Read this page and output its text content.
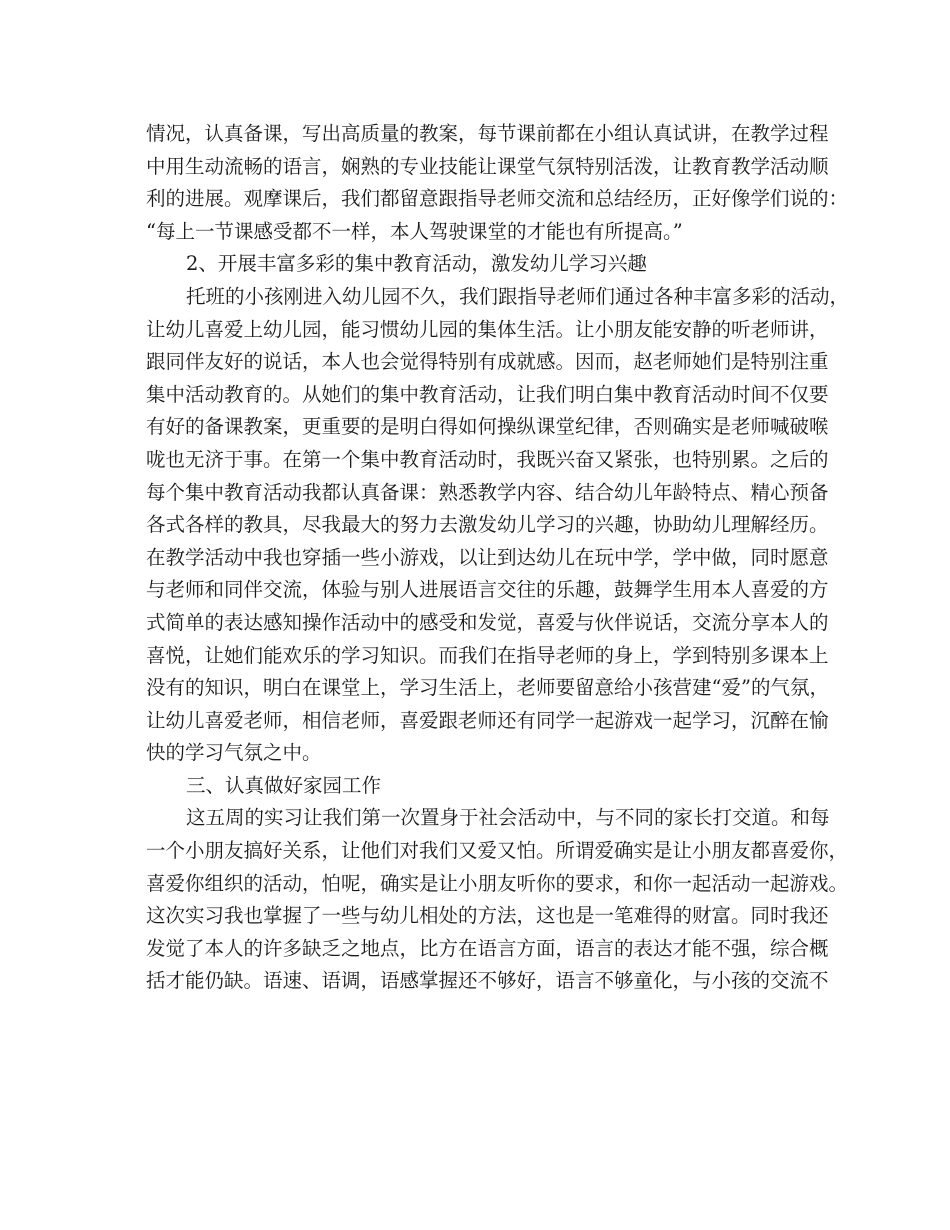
情况，认真备课，写出高质量的教案，每节课前都在小组认真试讲，在教学过程
中用生动流畅的语言，娴熟的专业技能让课堂气氛特别活泼，让教育教学活动顺
利的进展。观摩课后，我们都留意跟指导老师交流和总结经历，正好像学们说的：
“每上一节课感受都不一样，本人驾驶课堂的才能也有所提高。”
2、开展丰富多彩的集中教育活动，激发幼儿学习兴趣
托班的小孩刚进入幼儿园不久，我们跟指导老师们通过各种丰富多彩的活动，
让幼儿喜爱上幼儿园，能习惯幼儿园的集体生活。让小朋友能安静的听老师讲，
跟同伴友好的说话，本人也会觉得特别有成就感。因而，赵老师她们是特别注重
集中活动教育的。从她们的集中教育活动，让我们明白集中教育活动时间不仅要
有好的备课教案，更重要的是明白得如何操纵课堂纪律，否则确实是老师喊破喉
咙也无济于事。在第一个集中教育活动时，我既兴奋又紧张，也特别累。之后的
每个集中教育活动我都认真备课：熟悉教学内容、结合幼儿年龄特点、精心预备
各式各样的教具，尽我最大的努力去激发幼儿学习的兴趣，协助幼儿理解经历。
在教学活动中我也穿插一些小游戏，以让到达幼儿在玩中学，学中做，同时愿意
与老师和同伴交流，体验与别人进展语言交往的乐趣，鼓舞学生用本人喜爱的方
式简单的表达感知操作活动中的感受和发觉，喜爱与伙伴说话，交流分享本人的
喜悦，让她们能欢乐的学习知识。而我们在指导老师的身上，学到特别多课本上
没有的知识，明白在课堂上，学习生活上，老师要留意给小孩营建“爱”的气氛，
让幼儿喜爱老师，相信老师，喜爱跟老师还有同学一起游戏一起学习，沉醉在愉
快的学习气氛之中。
三、认真做好家园工作
这五周的实习让我们第一次置身于社会活动中，与不同的家长打交道。和每
一个小朋友搞好关系，让他们对我们又爱又怕。所谓爱确实是让小朋友都喜爱你，
喜爱你组织的活动，怕呢，确实是让小朋友听你的要求，和你一起活动一起游戏。
这次实习我也掌握了一些与幼儿相处的方法，这也是一笔难得的财富。同时我还
发觉了本人的许多缺乏之地点，比方在语言方面，语言的表达才能不强，综合概
括才能仍缺。语速、语调，语感掌握还不够好，语言不够童化，与小孩的交流不
